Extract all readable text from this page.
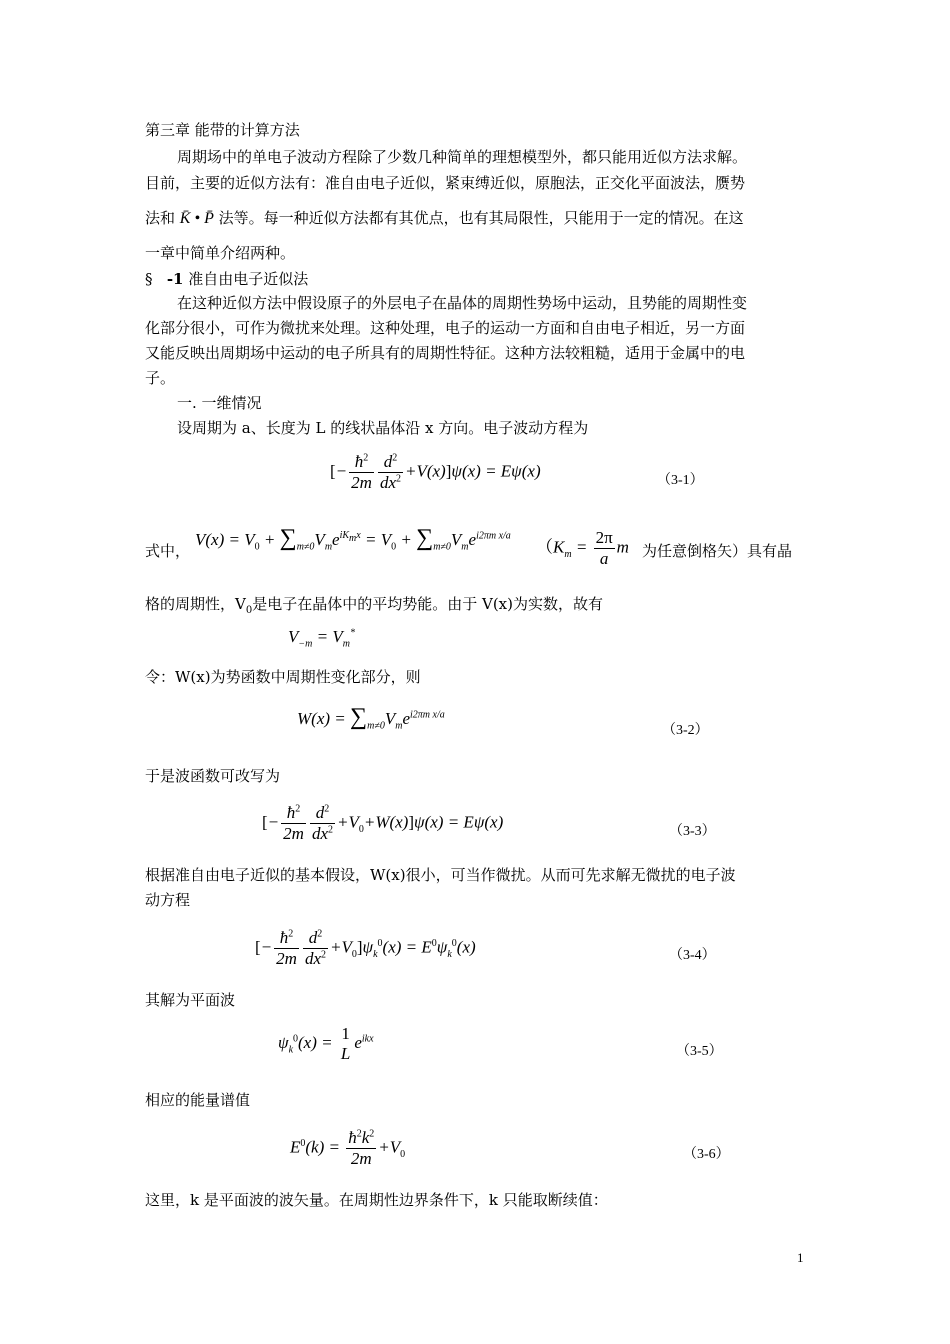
第三章 能带的计算方法
周期场中的单电子波动方程除了少数几种简单的理想模型外，都只能用近似方法求解。
目前，主要的近似方法有：准自由电子近似，紧束缚近似，原胞法，正交化平面波法，赝势
法和 K̄ • P̄ 法等。每一种近似方法都有其优点，也有其局限性，只能用于一定的情况。在这
一章中简单介绍两种。
§ -1 准自由电子近似法
在这种近似方法中假设原子的外层电子在晶体的周期性势场中运动，且势能的周期性变
化部分很小，可作为微扰来处理。这种处理，电子的运动一方面和自由电子相近，另一方面
又能反映出周期场中运动的电子所具有的周期性特征。这种方法较粗糙，适用于金属中的电
子。
一. 一维情况
设周期为 a、长度为 L 的线状晶体沿 x 方向。电子波动方程为
[− $\frac{ħ^2}{2m} \frac{d^2}{dx^2} +V(x)]\psi(x) = E\psi(x)$
（3-1）
式中，
$V(x) = V_0 + \sum_{m\ne 0}V_me^{iK_mx} = V_0 + \sum_{m\ne 0}V_me^{i2\pi m x/a}$
（$K_m = \frac{2\pi}{a}$ m 为任意倒格矢）具有晶
格的周期性，$V_0$是电子在晶体中的平均势能。由于 V(x)为实数，故有
$V_{-m} = V_m^*$
令：W(x)为势函数中周期性变化部分，则
$W(x) = \sum_{m\ne 0}V_me^{i2\pi m x/a}$
（3-2）
于是波函数可改写为
[− $\frac{ħ^2}{2m} \frac{d^2}{dx^2} +V_0+W(x)]\psi(x) = E\psi(x)$
（3-3）
根据准自由电子近似的基本假设，W(x)很小，可当作微扰。从而可先求解无微扰的电子波
动方程
[− $\frac{ħ^2}{2m} \frac{d^2}{dx^2} +V_0]\psi_k^0(x) = E^0\psi_k^0(x)$	（3-4）
其解为平面波
$\psi_k^0(x) = 1$
L
$e^{ikx}$
（3-5）
相应的能量谱值
$E^0(k) = \frac{ħ^2k^2}{2m} +V_0$	（3-6）
这里，k 是平面波的波矢量。在周期性边界条件下，k 只能取断续值：
1
